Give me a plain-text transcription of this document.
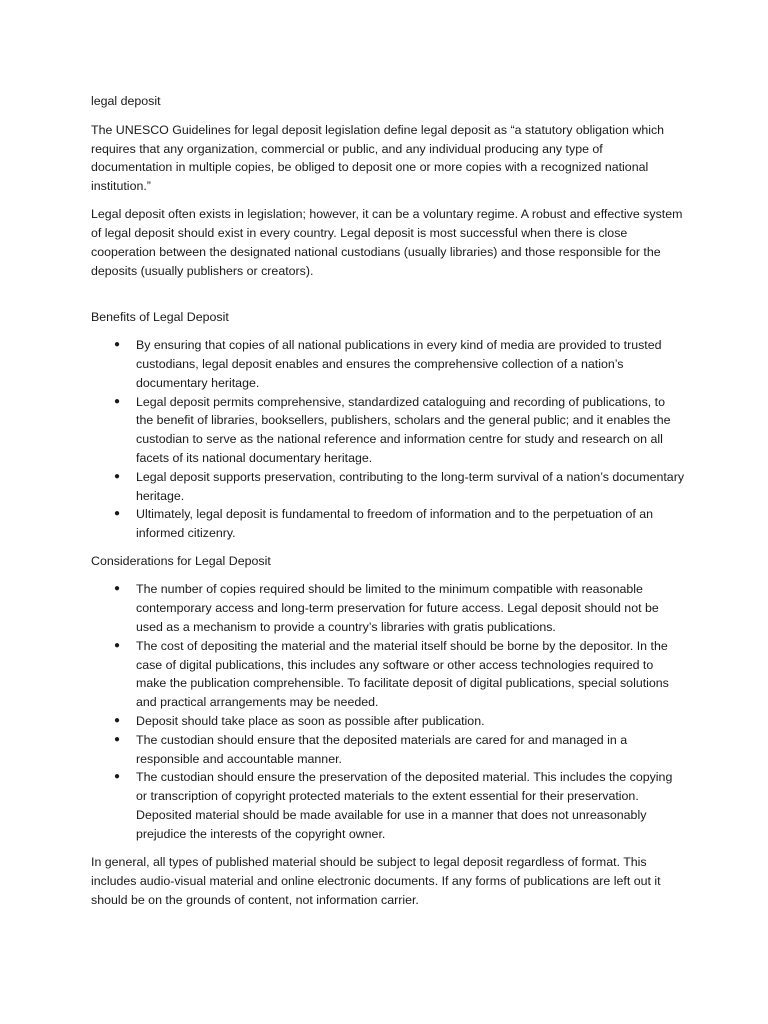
legal deposit

The UNESCO Guidelines for legal deposit legislation define legal deposit as “a statutory obligation which requires that any organization, commercial or public, and any individual producing any type of documentation in multiple copies, be obliged to deposit one or more copies with a recognized national institution.”

Legal deposit often exists in legislation; however, it can be a voluntary regime. A robust and effective system of legal deposit should exist in every country. Legal deposit is most successful when there is close cooperation between the designated national custodians (usually libraries) and those responsible for the deposits (usually publishers or creators).

Benefits of Legal Deposit

● By ensuring that copies of all national publications in every kind of media are provided to trusted custodians, legal deposit enables and ensures the comprehensive collection of a nation’s documentary heritage.
● Legal deposit permits comprehensive, standardized cataloguing and recording of publications, to the benefit of libraries, booksellers, publishers, scholars and the general public; and it enables the custodian to serve as the national reference and information centre for study and research on all facets of its national documentary heritage.
● Legal deposit supports preservation, contributing to the long-term survival of a nation’s documentary heritage.
● Ultimately, legal deposit is fundamental to freedom of information and to the perpetuation of an informed citizenry.

Considerations for Legal Deposit

● The number of copies required should be limited to the minimum compatible with reasonable contemporary access and long-term preservation for future access. Legal deposit should not be used as a mechanism to provide a country’s libraries with gratis publications.
● The cost of depositing the material and the material itself should be borne by the depositor. In the case of digital publications, this includes any software or other access technologies required to make the publication comprehensible. To facilitate deposit of digital publications, special solutions and practical arrangements may be needed.
● Deposit should take place as soon as possible after publication.
● The custodian should ensure that the deposited materials are cared for and managed in a responsible and accountable manner.
● The custodian should ensure the preservation of the deposited material. This includes the copying or transcription of copyright protected materials to the extent essential for their preservation. Deposited material should be made available for use in a manner that does not unreasonably prejudice the interests of the copyright owner.

In general, all types of published material should be subject to legal deposit regardless of format. This includes audio-visual material and online electronic documents. If any forms of publications are left out it should be on the grounds of content, not information carrier.
